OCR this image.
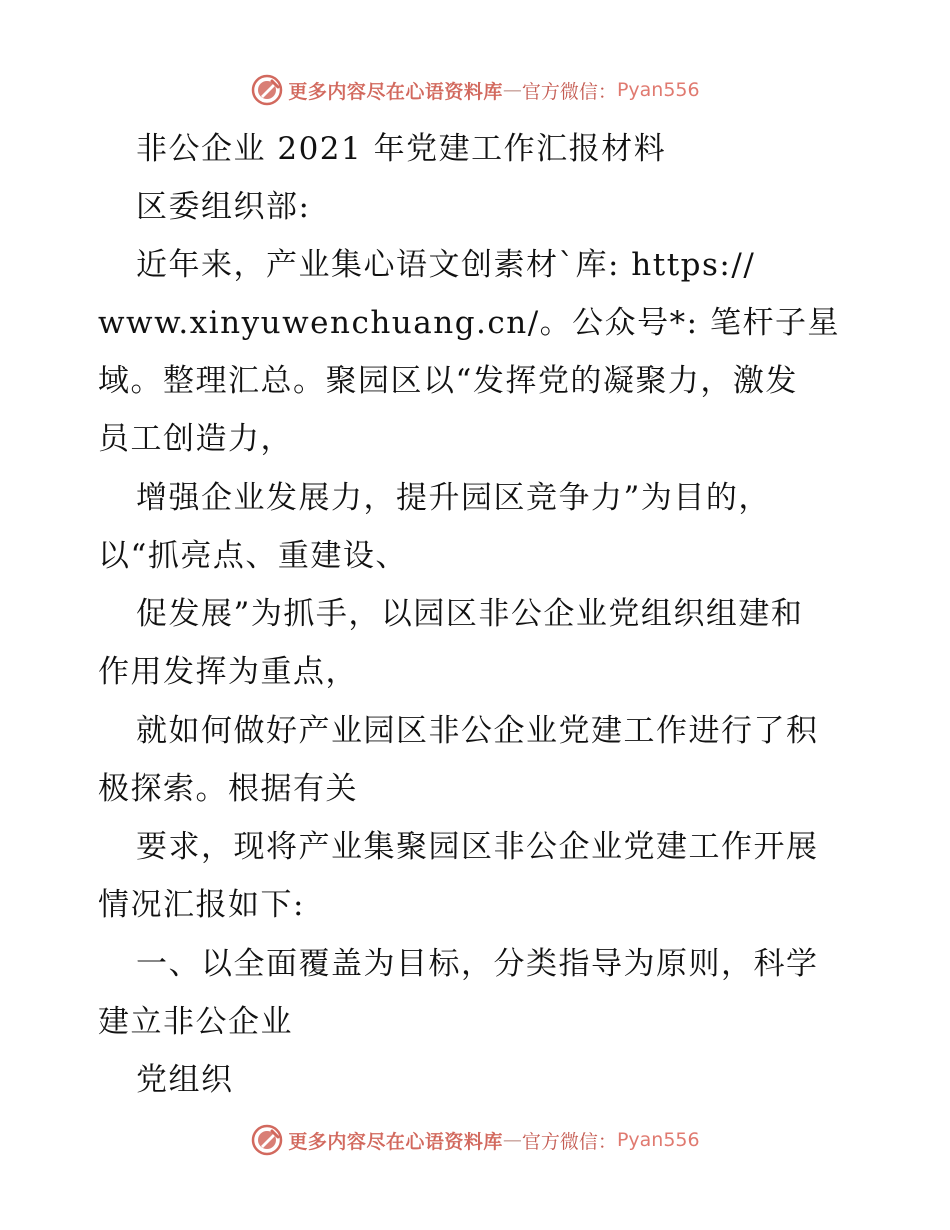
更多内容尽在心语资料库 — 官方微信： Pyan556
非公企业 2021 年党建工作汇报材料
区委组织部:
近年来，产业集心语文创素材`库: https://
www.xinyuwenchuang.cn/。公众号*: 笔杆子星
域。整理汇总。聚园区以“发挥党的凝聚力，激发
员工创造力，
增强企业发展力，提升园区竞争力”为目的，
以“抓亮点、重建设、
促发展”为抓手，以园区非公企业党组织组建和
作用发挥为重点，
就如何做好产业园区非公企业党建工作进行了积
极探索。根据有关
要求，现将产业集聚园区非公企业党建工作开展
情况汇报如下:
一、以全面覆盖为目标，分类指导为原则，科学
建立非公企业
党组织
更多内容尽在心语资料库 — 官方微信： Pyan556
